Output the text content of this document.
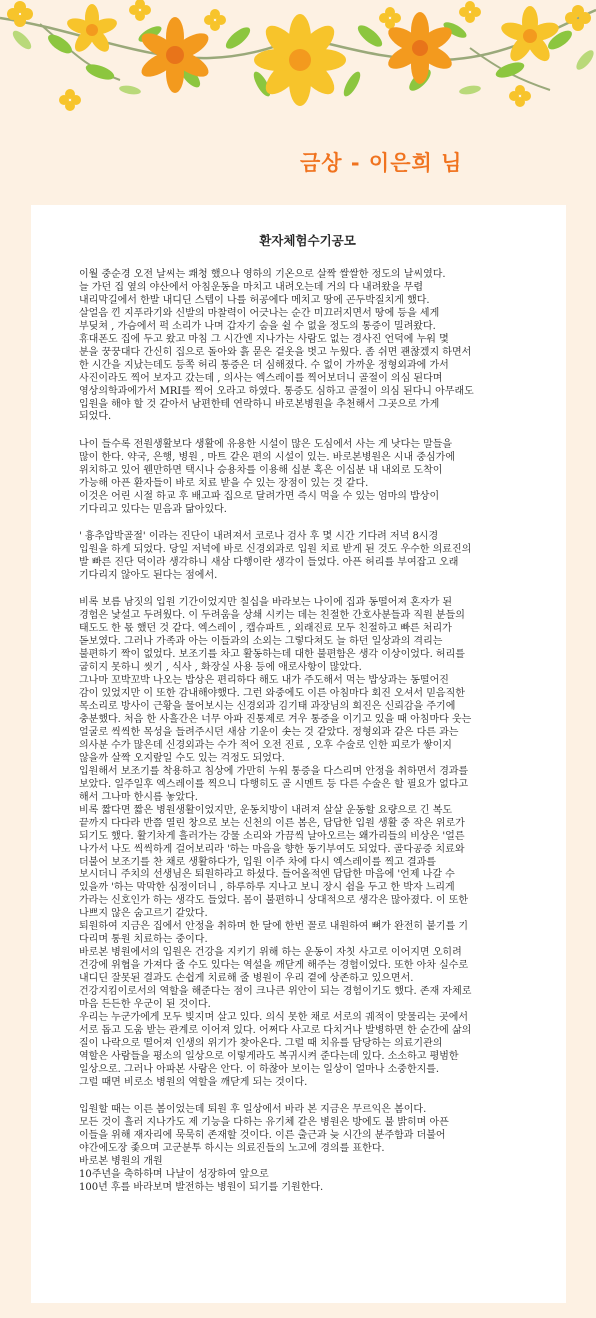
금상 - 이은희 님
환자체험수기공모
이월 중순경 오전 날씨는 쾌청 했으나 영하의 기온으로 살짝 쌀쌀한 정도의 날씨였다.
늘 가던 집 옆의 야산에서 아침운동을 마치고 내려오는데 거의 다 내려왔을 무렵
내리막길에서 한발 내디딘 스텝이 나를 허공에다 메치고 땅에 곤두박질치게 했다.
살얼음 낀 지푸라기와 신발의 마찰력이 어긋나는 순간 미끄러지면서 땅에 등을 세게
부딪쳐 , 가슴에서 퍽 소리가 나며 갑자기 숨을 쉴 수 없을 정도의 통증이 밀려왔다.
휴대폰도 집에 두고 왔고 마침 그 시간엔 지나가는 사람도 없는 경사진 언덕에 누워 몇
분을 꿍꿍대다 간신히 집으로 돌아와 흙 묻은 겉옷을 벗고 누웠다. 좀 쉬면 괜찮겠지 하면서
한 시간을 지났는데도 등쪽 허리 통증은 더 심해졌다. 수 없이 가까운 정형외과에 가서
사진이라도 찍어 보자고 갔는데 , 의사는 엑스레이를 찍어보더니 골절이 의심 된다며
영상의학과에가서 MRI를 찍어 오라고 하였다. 통증도 심하고 골절이 의심 된다니 아무래도
입원을 해야 할 것 같아서 남편한테 연락하니 바로본병원을 추천해서 그곳으로 가게
되었다.
나이 들수록 전원생활보다 생활에 유용한 시설이 많은 도심에서 사는 게 낫다는 말들을
많이 한다. 약국, 은행, 병원 , 마트 같은 편의 시설이 있는. 바로본병원은 시내 중심가에
위치하고 있어 웬만하면 택시나 승용차를 이용해 십분 혹은 이십분 내 내외로 도착이
가능해 아픈 환자들이 바로 치료 받을 수 있는 장점이 있는 것 같다.
이것은 어린 시절 하교 후 배고파 집으로 달려가면 즉시 먹을 수 있는 엄마의 밥상이
기다리고 있다는 믿음과 닮아있다.
' 흉추압박골절' 이라는 진단이 내려져서 코로나 검사 후 몇 시간 기다려 저녁 8시경
입원을 하게 되었다. 당일 저녁에 바로 신경외과로 입원 치료 받게 된 것도 우수한 의료진의
발 빠른 진단 덕이라 생각하니 새삼 다행이란 생각이 들었다. 아픈 허리를 부여잡고 오래
기다리지 않아도 된다는 점에서.
비록 보름 남짓의 입원 기간이었지만 칠십을 바라보는 나이에 집과 동떨어져 혼자가 된
경험은 낯설고 두려웠다. 이 두려움을 상쇄 시키는 데는 친절한 간호사분들과 직원 분들의
태도도 한 몫 했던 것 같다. 엑스레이 , 캡슈파트 , 외래진료 모두 친절하고 빠른 처리가
돋보였다. 그러나 가족과 아는 이들과의 소외는 그렇다쳐도 늘 하던 일상과의 격리는
불편하기 짝이 없었다. 보조기를 차고 활동하는데 대한 불편함은 생각 이상이었다. 허리를
굽히지 못하니 씻기 , 식사 , 화장실 사용 등에 애로사항이 많았다.
그나마 꼬박꼬박 나오는 밥상은 편리하다 해도 내가 주도해서 먹는 밥상과는 동떨어진
감이 있었지만 이 또한 감내해야했다. 그런 와중에도 이른 아침마다 회진 오셔서 믿음직한
목소리로 방사이 근황을 물어보시는 신경외과 김기태 과장님의 회진은 신뢰감을 주기에
충분했다. 처음 한 사흘간은 너무 아파 진통제로 겨우 통증을 이기고 있을 때 아침마다 웃는
얼굴로 씩씩한 목성을 들려주시던 새삼 기운이 솟는 것 같았다. 정형외과 같은 다른 과는
의사분 수가 많은데 신경외과는 수가 적어 오전 진료 , 오후 수술로 인한 피로가 쌓이지
않을까 살짝 오지랖일 수도 있는 걱정도 되었다.
입원해서 보조기를 착용하고 침상에 가만히 누워 통증을 다스리며 안정을 취하면서 경과를
보았다. 일주일후 엑스레이를 찍으니 다행히도 골 시멘트 등 다른 수술은 할 필요가 없다고
해서 그나마 한시름 놓았다.
비록 짧다면 짧은 병원생활이었지만, 운동치방이 내려져 살살 운동할 요량으로 긴 복도
끝까지 다다라 반쯤 열린 창으로 보는 신천의 이른 봄은, 답답한 입원 생활 중 작은 위로가
되기도 했다. 활기차게 흘러가는 강물 소리와 가끔씩 날아오르는 왜가리들의 비상은 '얼른
나가서 나도 씩씩하게 걸어보리라 '하는 마음을 향한 동기부여도 되었다. 골다공증 치료와
더불어 보조기를 찬 채로 생활하다가, 입원 이주 차에 다시 엑스레이를 찍고 결과를
보시더니 주치의 선생님은 퇴원하라고 하셨다. 들어올적엔 답답한 마음에 '언제 나갈 수
있을까 '하는 막막한 심정이더니 , 하루하루 지나고 보니 장시 쉼을 두고 한 박자 느리게
가라는 신호인가 하는 생각도 들었다. 몸이 불편하니 상대적으로 생각은 많아졌다. 이 또한
나쁘지 않은 숨고르기 같았다.
퇴원하여 지금은 집에서 안정을 취하며 한 달에 한번 꼴로 내원하여 뼈가 완전히 붙기를 기
다리며 통원 치료하는 중이다.
바로본 병원에서의 입원은 건강을 지키기 위해 하는 운동이 자칫 사고로 이어지면 오히려
건강에 위협을 가져다 줄 수도 있다는 역설을 깨닫게 해주는 경험이었다. 또한 아차 실수로
내디딘 잘못된 결과도 손쉽게 치료해 줄 병원이 우리 곁에 상존하고 있으면서.
건강지킴이로서의 역할을 해준다는 점이 크나큰 위안이 되는 경험이기도 했다. 존재 자체로
마음 든든한 우군이 된 것이다.
우리는 누군가에게 모두 빚지며 살고 있다. 의식 못한 채로 서로의 궤적이 맞물리는 곳에서
서로 돕고 도움 받는 관계로 이어져 있다. 어쩌다 사고로 다치거나 발병하면 한 순간에 삶의
질이 나락으로 떨어져 인생의 위기가 찾아온다. 그럴 때 치유를 담당하는 의료기관의
역할은 사람들을 평소의 일상으로 이렇게라도 복귀시켜 준다는데 있다. 소소하고 평범한
일상으로. 그러나 아파본 사람은 안다. 이 하찮아 보이는 일상이 얼마나 소중한지를.
그럴 때면 비로소 병원의 역할을 깨닫게 되는 것이다.
입원할 때는 이른 봄이었는데 퇴원 후 일상에서 바라 본 지금은 무르익은 봄이다.
모든 것이 흘러 지나가도 제 기능을 다하는 유기체 같은 병원은 방에도 불 밝히며 아픈
이들을 위해 재자리에 묵묵히 존재할 것이다. 이른 출근과 늦 시간의 분주함과 더불어
야간에도장 좇으며 고군분투 하시는 의료진들의 노고에 경의를 표한다.
바로본 병원의 개원
10주년을 축하하며 나날이 성장하여 앞으로
100년 후를 바라보며 발전하는 병원이 되기를 기원한다.
